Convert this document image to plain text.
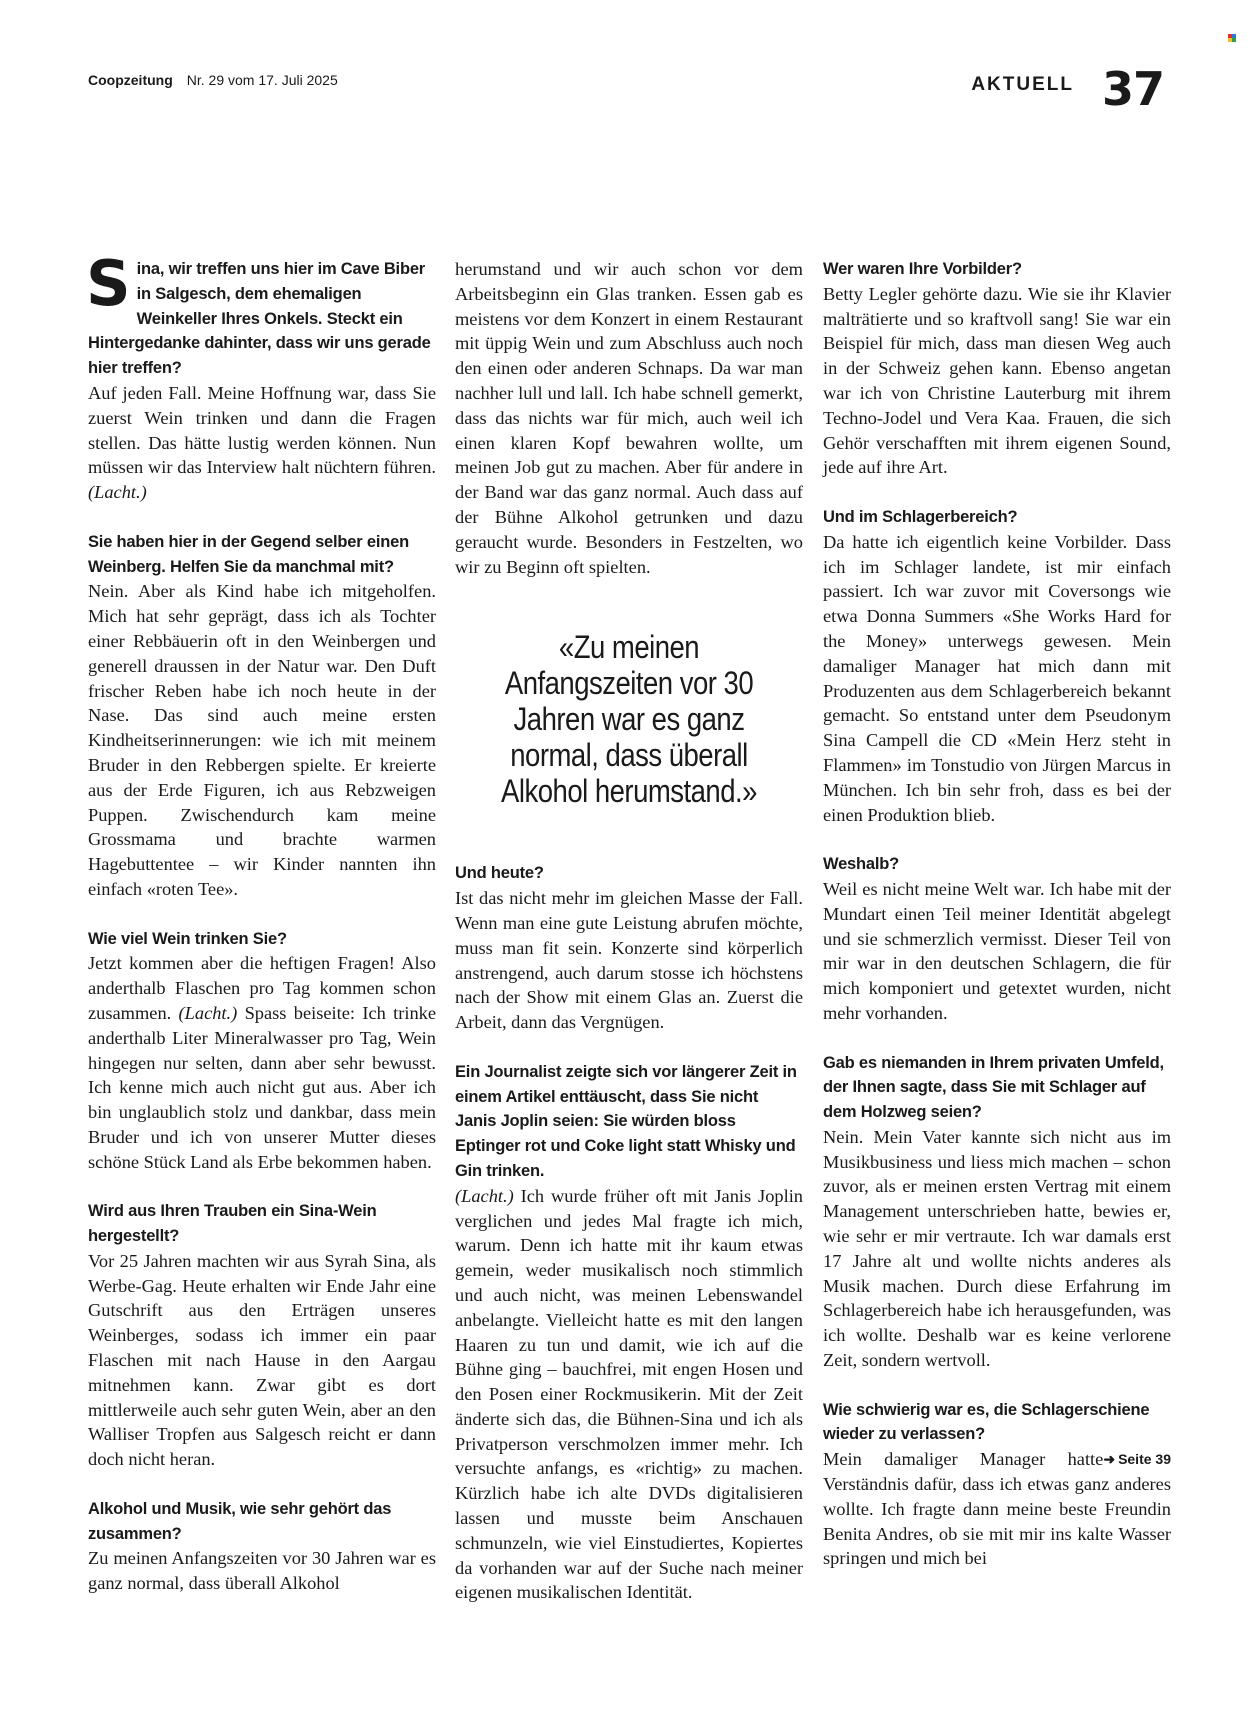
Coopzeitung Nr. 29 vom 17. Juli 2025	AKTUELL 37
S ina, wir treffen uns hier im Cave Biber in Salgesch, dem ehemaligen Weinkeller Ihres Onkels. Steckt ein Hintergedanke dahinter, dass wir uns gerade hier treffen?

Auf jeden Fall. Meine Hoffnung war, dass Sie zuerst Wein trinken und dann die Fragen stellen. Das hätte lustig werden können. Nun müssen wir das Interview halt nüchtern führen. (Lacht.)

Sie haben hier in der Gegend selber einen Weinberg. Helfen Sie da manchmal mit?

Nein. Aber als Kind habe ich mitgeholfen. Mich hat sehr geprägt, dass ich als Tochter einer Rebbäuerin oft in den Weinbergen und generell draussen in der Natur war. Den Duft frischer Reben habe ich noch heute in der Nase. Das sind auch meine ersten Kindheitserinnerungen: wie ich mit meinem Bruder in den Rebbergen spielte. Er kreierte aus der Erde Figuren, ich aus Rebzweigen Puppen. Zwischendurch kam meine Grossmama und brachte warmen Hagebuttentee – wir Kinder nannten ihn einfach «roten Tee».

Wie viel Wein trinken Sie?

Jetzt kommen aber die heftigen Fragen! Also anderthalb Flaschen pro Tag kommen schon zusammen. (Lacht.) Spass beiseite: Ich trinke anderthalb Liter Mineralwasser pro Tag, Wein hingegen nur selten, dann aber sehr bewusst. Ich kenne mich auch nicht gut aus. Aber ich bin unglaublich stolz und dankbar, dass mein Bruder und ich von unserer Mutter dieses schöne Stück Land als Erbe bekommen haben.

Wird aus Ihren Trauben ein Sina-Wein hergestellt?

Vor 25 Jahren machten wir aus Syrah Sina, als Werbe-Gag. Heute erhalten wir Ende Jahr eine Gutschrift aus den Erträgen unseres Weinberges, sodass ich immer ein paar Flaschen mit nach Hause in den Aargau mitnehmen kann. Zwar gibt es dort mittlerweile auch sehr guten Wein, aber an den Walliser Tropfen aus Salgesch reicht er dann doch nicht heran.

Alkohol und Musik, wie sehr gehört das zusammen?

Zu meinen Anfangszeiten vor 30 Jahren war es ganz normal, dass überall Alkohol

herumstand und wir auch schon vor dem Arbeitsbeginn ein Glas tranken. Essen gab es meistens vor dem Konzert in einem Restaurant mit üppig Wein und zum Abschluss auch noch den einen oder anderen Schnaps. Da war man nachher lull und lall. Ich habe schnell gemerkt, dass das nichts war für mich, auch weil ich einen klaren Kopf bewahren wollte, um meinen Job gut zu machen. Aber für andere in der Band war das ganz normal. Auch dass auf der Bühne Alkohol getrunken und dazu geraucht wurde. Besonders in Festzelten, wo wir zu Beginn oft spielten.

«Zu meinen Anfangszeiten vor 30 Jahren war es ganz normal, dass überall Alkohol herumstand.»
Und heute?

Ist das nicht mehr im gleichen Masse der Fall. Wenn man eine gute Leistung abrufen möchte, muss man fit sein. Konzerte sind körperlich anstrengend, auch darum stosse ich höchstens nach der Show mit einem Glas an. Zuerst die Arbeit, dann das Vergnügen.

Ein Journalist zeigte sich vor längerer Zeit in einem Artikel enttäuscht, dass Sie nicht Janis Joplin seien: Sie würden bloss Eptinger rot und Coke light statt Whisky und Gin trinken.

(Lacht.) Ich wurde früher oft mit Janis Joplin verglichen und jedes Mal fragte ich mich, warum. Denn ich hatte mit ihr kaum etwas gemein, weder musikalisch noch stimmlich und auch nicht, was meinen Lebenswandel anbelangte. Vielleicht hatte es mit den langen Haaren zu tun und damit, wie ich auf die Bühne ging – bauchfrei, mit engen Hosen und den Posen einer Rockmusikerin. Mit der Zeit änderte sich das, die Bühnen-Sina und ich als Privatperson verschmolzen immer mehr. Ich versuchte anfangs, es «richtig» zu machen. Kürzlich habe ich alte DVDs digitalisieren lassen und musste beim Anschauen schmunzeln, wie viel Einstudiertes, Kopiertes da vorhanden war auf der Suche nach meiner eigenen musikalischen Identität.

Wer waren Ihre Vorbilder?

Betty Legler gehörte dazu. Wie sie ihr Klavier malträtierte und so kraftvoll sang! Sie war ein Beispiel für mich, dass man diesen Weg auch in der Schweiz gehen kann. Ebenso angetan war ich von Christine Lauterburg mit ihrem Techno-Jodel und Vera Kaa. Frauen, die sich Gehör verschafften mit ihrem eigenen Sound, jede auf ihre Art.

Und im Schlagerbereich?

Da hatte ich eigentlich keine Vorbilder. Dass ich im Schlager landete, ist mir einfach passiert. Ich war zuvor mit Coversongs wie etwa Donna Summers «She Works Hard for the Money» unterwegs gewesen. Mein damaliger Manager hat mich dann mit Produzenten aus dem Schlagerbereich bekannt gemacht. So entstand unter dem Pseudonym Sina Campell die CD «Mein Herz steht in Flammen» im Tonstudio von Jürgen Marcus in München. Ich bin sehr froh, dass es bei der einen Produktion blieb.

Weshalb?

Weil es nicht meine Welt war. Ich habe mit der Mundart einen Teil meiner Identität abgelegt und sie schmerzlich vermisst. Dieser Teil von mir war in den deutschen Schlagern, die für mich komponiert und getextet wurden, nicht mehr vorhanden.

Gab es niemanden in Ihrem privaten Umfeld, der Ihnen sagte, dass Sie mit Schlager auf dem Holzweg seien?

Nein. Mein Vater kannte sich nicht aus im Musikbusiness und liess mich machen – schon zuvor, als er meinen ersten Vertrag mit einem Management unterschrieben hatte, bewies er, wie sehr er mir vertraute. Ich war damals erst 17 Jahre alt und wollte nichts anderes als Musik machen. Durch diese Erfahrung im Schlagerbereich habe ich herausgefunden, was ich wollte. Deshalb war es keine verlorene Zeit, sondern wertvoll.

Wie schwierig war es, die Schlagerschiene wieder zu verlassen?

➜ Seite 39
Mein damaliger Manager hatte Verständnis dafür, dass ich etwas ganz anderes wollte. Ich fragte dann meine beste Freundin Benita Andres, ob sie mit mir ins kalte Wasser springen und mich bei
